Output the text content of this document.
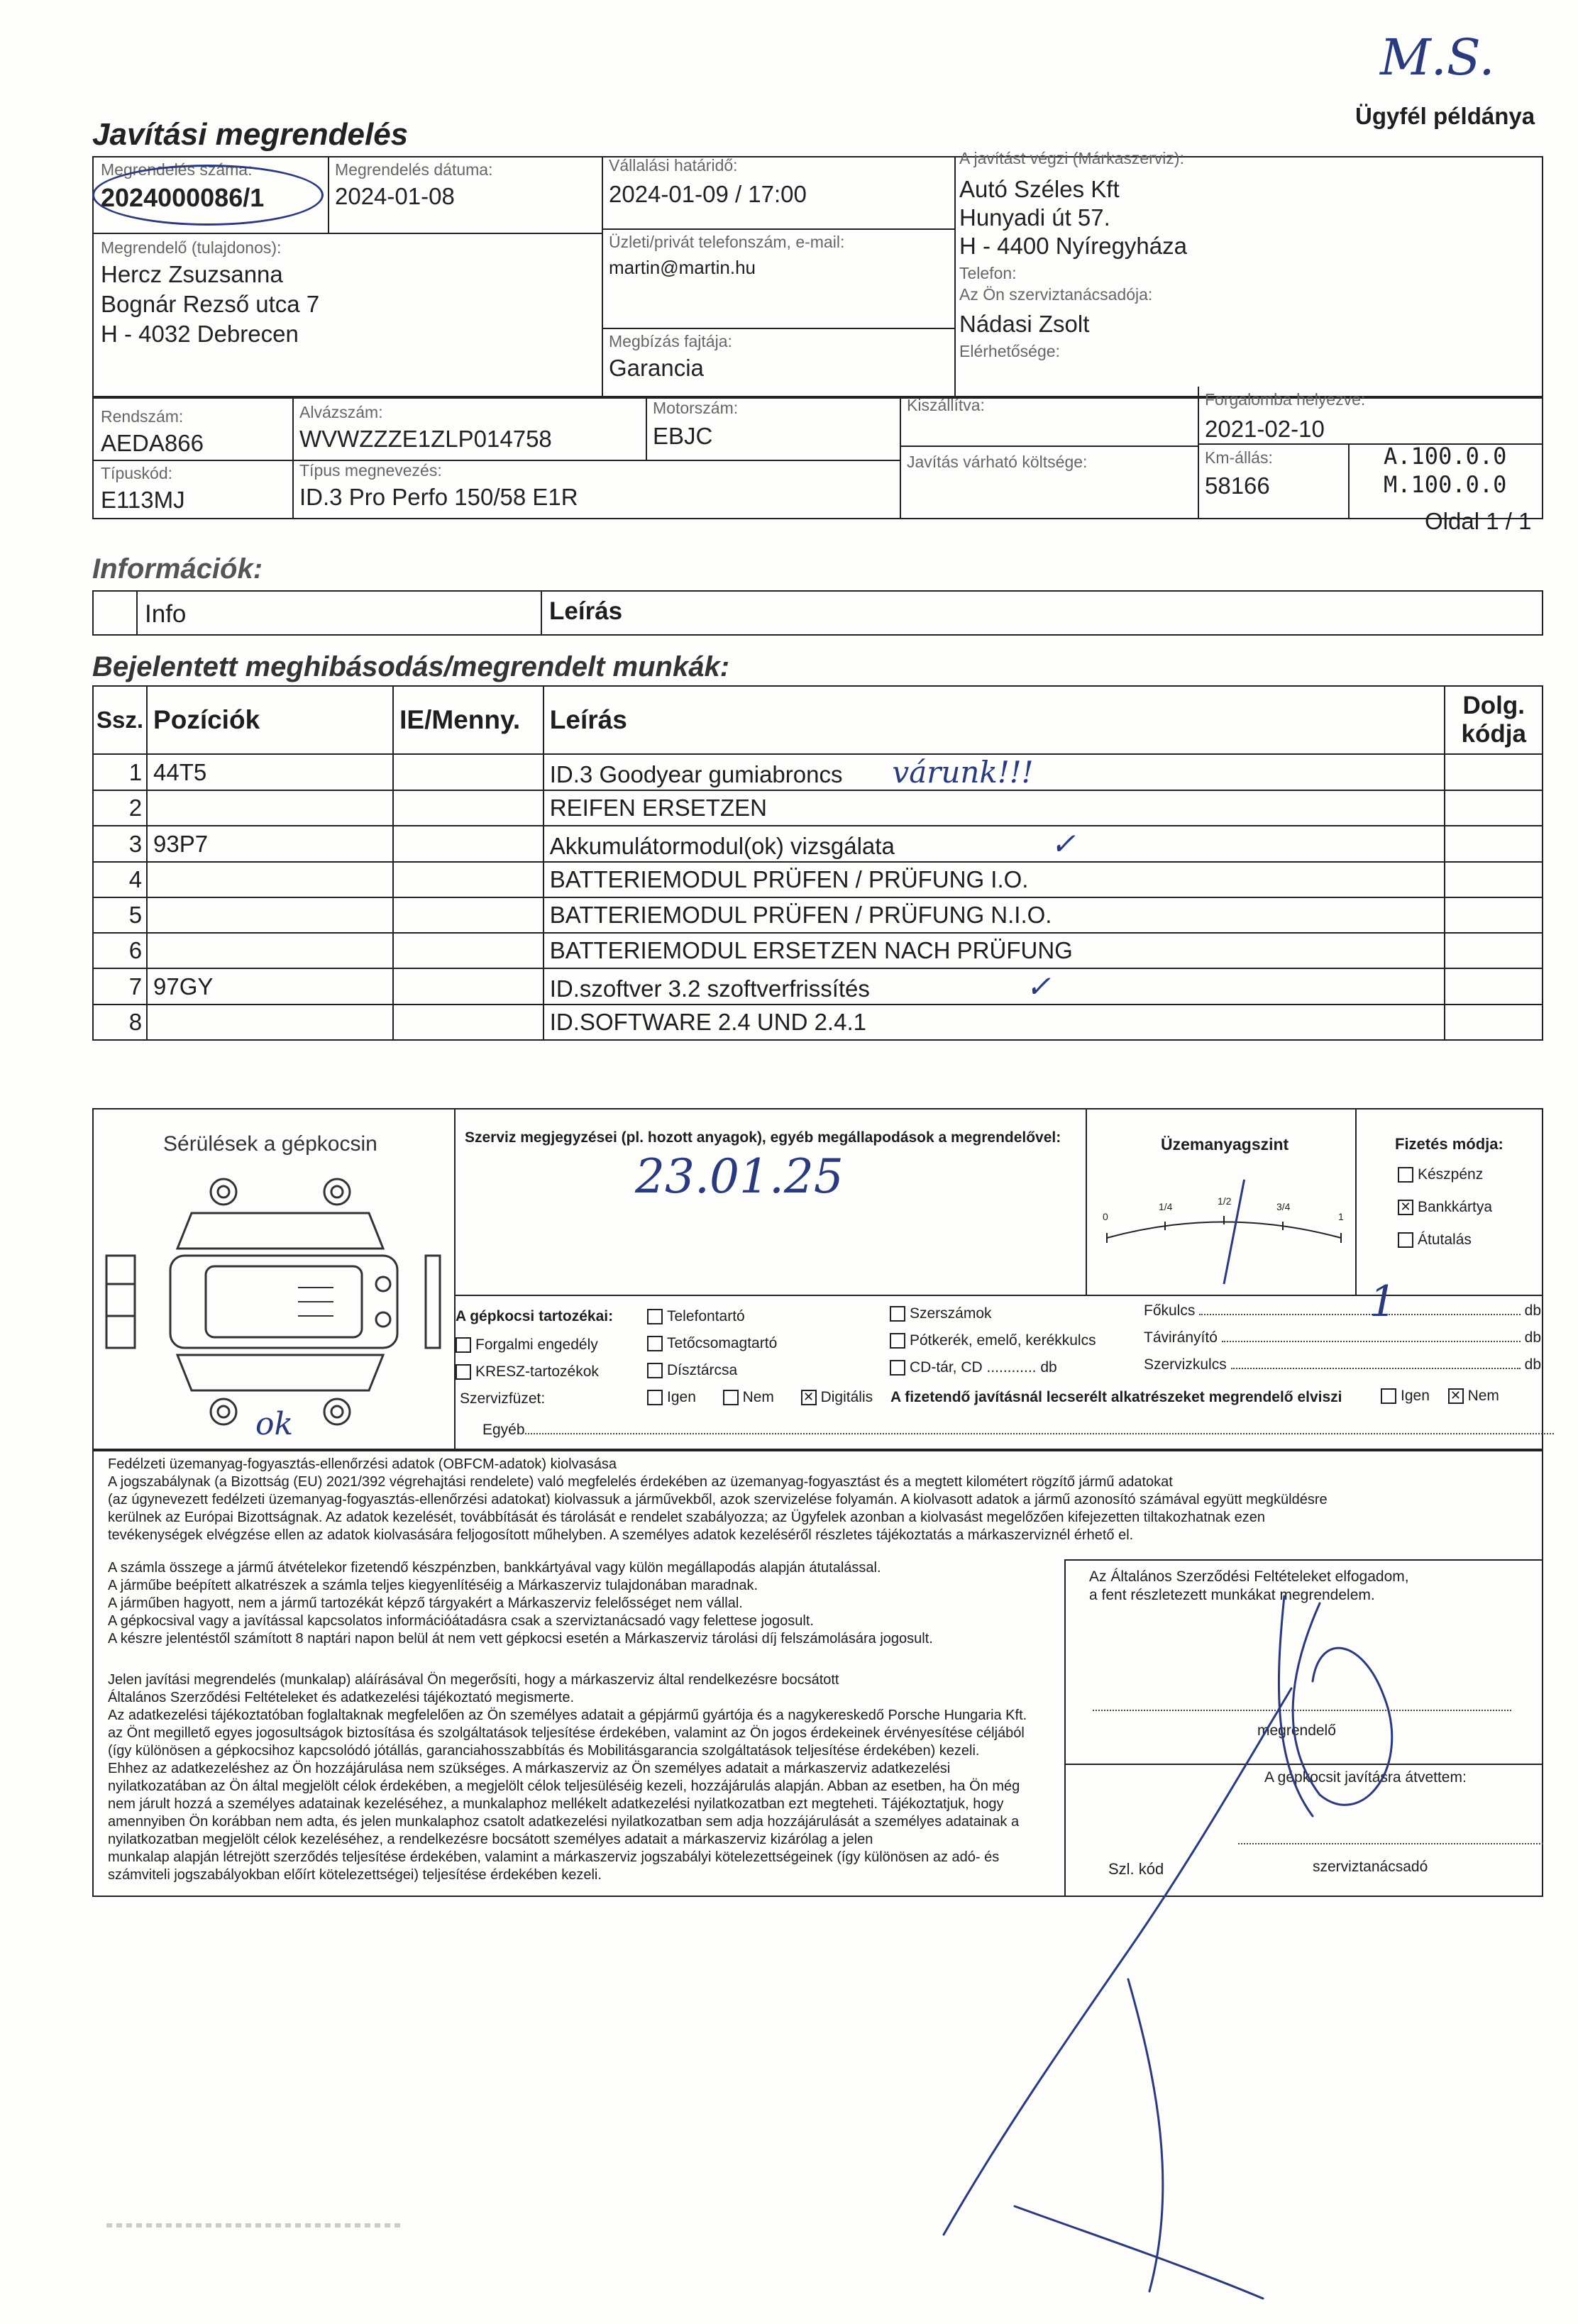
M.S.
Ügyfél példánya
Javítási megrendelés
Megrendelés száma:
2024000086/1
Megrendelés dátuma:
2024-01-08
Vállalási határidő:
2024-01-09 / 17:00
A javítást végzi (Márkaszerviz):
Autó Széles Kft
Hunyadi út 57.
H - 4400 Nyíregyháza
Telefon:
Az Ön szerviztanácsadója:
Nádasi Zsolt
Elérhetősége:
Megrendelő (tulajdonos):
Hercz Zsuzsanna
Bognár Rezső utca 7
H - 4032 Debrecen
Üzleti/privát telefonszám, e-mail:
martin@martin.hu
Megbízás fajtája:
Garancia
Rendszám:
AEDA866
Alvázszám:
WVWZZZE1ZLP014758
Motorszám:
EBJC
Kiszállítva:	Forgalomba helyezve:
2021-02-10
Típuskód:
E113MJ
Típus megnevezés:
ID.3 Pro Perfo 150/58 E1R
Javítás várható költsége:	Km-állás:
58166
A.100.0.0
M.100.0.0
Oldal 1 / 1
Információk:
Info	Leírás
Bejelentett meghibásodás/megrendelt munkák:
Ssz.	Pozíciók	IE/Menny.	Leírás	Dolg. kódja
1	44T5		ID.3 Goodyear gumiabroncs várunk!!!	
2			REIFEN ERSETZEN	
3	93P7		Akkumulátormodul(ok) vizsgálata ✓	
4			BATTERIEMODUL PRÜFEN / PRÜFUNG I.O.	
5			BATTERIEMODUL PRÜFEN / PRÜFUNG N.I.O.	
6			BATTERIEMODUL ERSETZEN NACH PRÜFUNG	
7	97GY		ID.szoftver 3.2 szoftverfrissítés ✓	
8			ID.SOFTWARE 2.4 UND 2.4.1	
Sérülések a gépkocsin
ok
Szerviz megjegyzései (pl. hozott anyagok), egyéb megállapodások a megrendelővel:
23.01.25
Üzemanyagszint
0
1/4	1/2	3/4
1
Fizetés módja:
Készpénz
✕ Bankkártya
Átutalás
A gépkocsi tartozékai:
Forgalmi engedély
KRESZ-tartozékok
Telefontartó
Tetőcsomagtartó
Dísztárcsa
Szerszámok
Pótkerék, emelő, kerékkulcs
CD-tár, CD ............ db
Főkulcs	db
Távirányító	db
Szervizkulcs	db
1
Szervizfüzet:	Igen	Nem ✕ Digitális A fizetendő javításnál lecserélt alkatrészeket megrendelő elviszi	Igen ✕ Nem
Egyéb
Fedélzeti üzemanyag-fogyasztás-ellenőrzési adatok (OBFCM-adatok) kiolvasása
A jogszabálynak (a Bizottság (EU) 2021/392 végrehajtási rendelete) való megfelelés érdekében az üzemanyag-fogyasztást és a megtett kilométert rögzítő jármű adatokat
(az úgynevezett fedélzeti üzemanyag-fogyasztás-ellenőrzési adatokat) kiolvassuk a járművekből, azok szervizelése folyamán. A kiolvasott adatok a jármű azonosító számával együtt megküldésre
kerülnek az Európai Bizottságnak. Az adatok kezelését, továbbítását és tárolását e rendelet szabályozza; az Ügyfelek azonban a kiolvasást megelőzően kifejezetten tiltakozhatnak ezen
tevékenységek elvégzése ellen az adatok kiolvasására feljogosított műhelyben. A személyes adatok kezeléséről részletes tájékoztatás a márkaszerviznél érhető el.
A számla összege a jármű átvételekor fizetendő készpénzben, bankkártyával vagy külön megállapodás alapján átutalással.
A járműbe beépített alkatrészek a számla teljes kiegyenlítéséig a Márkaszerviz tulajdonában maradnak.
A járműben hagyott, nem a jármű tartozékát képző tárgyakért a Márkaszerviz felelősséget nem vállal.
A gépkocsival vagy a javítással kapcsolatos információátadásra csak a szerviztanácsadó vagy felettese jogosult.
A készre jelentéstől számított 8 naptári napon belül át nem vett gépkocsi esetén a Márkaszerviz tárolási díj felszámolására jogosult.
Jelen javítási megrendelés (munkalap) aláírásával Ön megerősíti, hogy a márkaszerviz által rendelkezésre bocsátott
Általános Szerződési Feltételeket és adatkezelési tájékoztató megismerte.
Az adatkezelési tájékoztatóban foglaltaknak megfelelően az Ön személyes adatait a gépjármű gyártója és a nagykereskedő Porsche Hungaria Kft.
az Önt megillető egyes jogosultságok biztosítása és szolgáltatások teljesítése érdekében, valamint az Ön jogos érdekeinek érvényesítése céljából
(így különösen a gépkocsihoz kapcsolódó jótállás, garanciahosszabbítás és Mobilitásgarancia szolgáltatások teljesítése érdekében) kezeli.
Ehhez az adatkezeléshez az Ön hozzájárulása nem szükséges. A márkaszerviz az Ön személyes adatait a márkaszerviz adatkezelési
nyilatkozatában az Ön által megjelölt célok érdekében, a megjelölt célok teljesüléséig kezeli, hozzájárulás alapján. Abban az esetben, ha Ön még
nem járult hozzá a személyes adatainak kezeléséhez, a munkalaphoz mellékelt adatkezelési nyilatkozatban ezt megteheti. Tájékoztatjuk, hogy
amennyiben Ön korábban nem adta, és jelen munkalaphoz csatolt adatkezelési nyilatkozatban sem adja hozzájárulását a személyes adatainak a
nyilatkozatban megjelölt célok kezeléséhez, a rendelkezésre bocsátott személyes adatait a márkaszerviz kizárólag a jelen
munkalap alapján létrejött szerződés teljesítése érdekében, valamint a márkaszerviz jogszabályi kötelezettségeinek (így különösen az adó- és
számviteli jogszabályokban előírt kötelezettségei) teljesítése érdekében kezeli.
Az Általános Szerződési Feltételeket elfogadom,
a fent részletezett munkákat megrendelem.
megrendelő
A gépkocsit javításra átvettem:
Szl. kód	szerviztanácsadó
